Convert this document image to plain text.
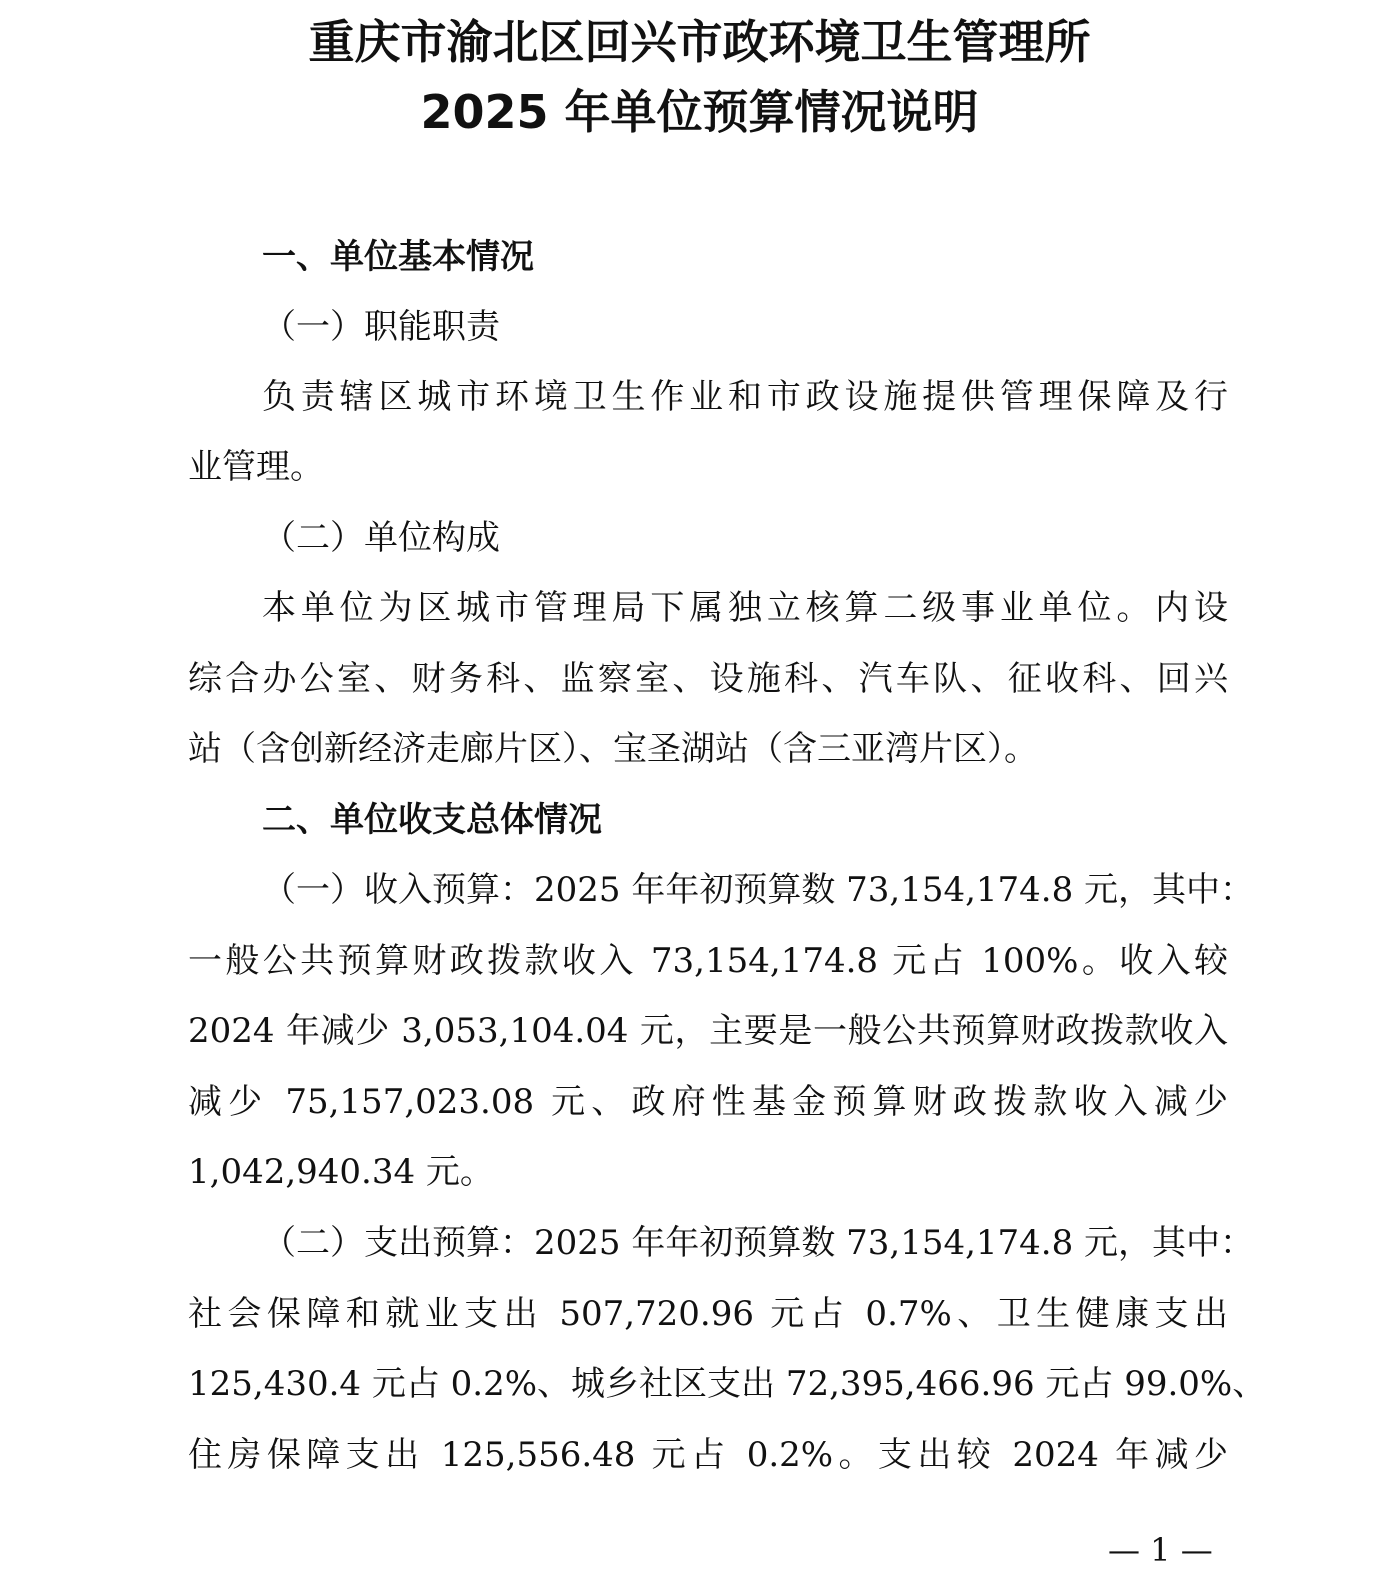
重庆市渝北区回兴市政环境卫生管理所
2025 年单位预算情况说明
一、单位基本情况
（一）职能职责
负责辖区城市环境卫生作业和市政设施提供管理保障及行
业管理。
（二）单位构成
本单位为区城市管理局下属独立核算二级事业单位。内设
综合办公室、财务科、监察室、设施科、汽车队、征收科、回兴
站（含创新经济走廊片区）、宝圣湖站（含三亚湾片区）。
二、单位收支总体情况
（一）收入预算：2025 年年初预算数 73,154,174.8 元，其中：
一般公共预算财政拨款收入 73,154,174.8 元占 100%。收入较
2024 年减少 3,053,104.04 元，主要是一般公共预算财政拨款收入
减少 75,157,023.08 元、政府性基金预算财政拨款收入减少
1,042,940.34 元。
（二）支出预算：2025 年年初预算数 73,154,174.8 元，其中：
社会保障和就业支出 507,720.96 元占 0.7%、卫生健康支出
125,430.4 元占 0.2%、城乡社区支出 72,395,466.96 元占 99.0%、
住房保障支出 125,556.48 元占 0.2%。支出较 2024 年减少
— 1 —
